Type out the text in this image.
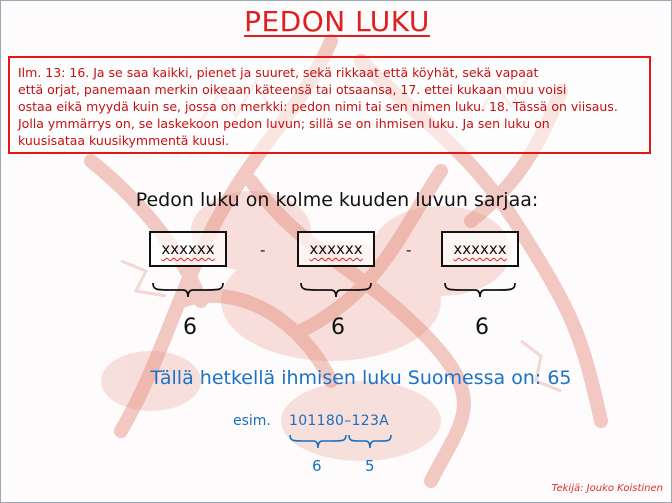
PEDON LUKU

Ilm. 13: 16. Ja se saa kaikki, pienet ja suuret, sekä rikkaat että köyhät, sekä vapaat

että orjat, panemaan merkin oikeaan käteensä tai otsaansa, 17. ettei kukaan muu voisi

ostaa eikä myydä kuin se, jossa on merkki: pedon nimi tai sen nimen luku. 18. Tässä on viisaus.

Jolla ymmärrys on, se laskekoon pedon luvun; sillä se on ihmisen luku. Ja sen luku on

kuusisataa kuusikymmentä kuusi.

Pedon luku on kolme kuuden luvun sarjaa:
xxxxxx	-	xxxxxx	-	xxxxxx
6	6	6
Tällä hetkellä ihmisen luku Suomessa on: 65
esim. 101180–123A
6	5
Tekijä: Jouko Koistinen
